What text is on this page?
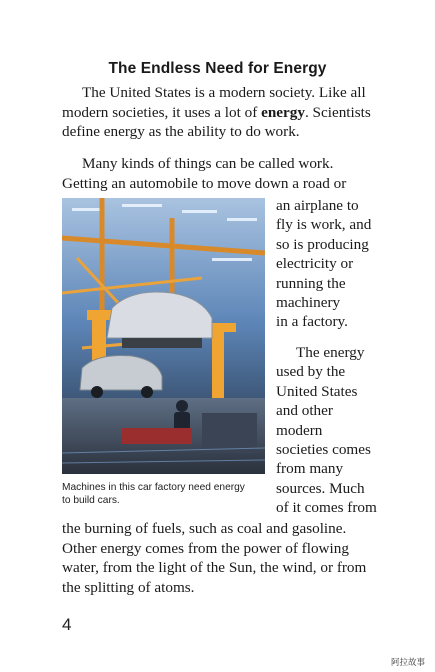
The Endless Need for Energy
The United States is a modern society. Like all
modern societies, it uses a lot of energy. Scientists
define energy as the ability to do work.
Many kinds of things can be called work.
Getting an automobile to move down a road or
Machines in this car factory need energy
to build cars.
an airplane to
fly is work, and
so is producing
electricity or
running the
machinery
in a factory.
The energy
used by the
United States
and other
modern
societies comes
from many
sources. Much
of it comes from
the burning of fuels, such as coal and gasoline.
Other energy comes from the power of flowing
water, from the light of the Sun, the wind, or from
the splitting of atoms.
4
阿拉故事
